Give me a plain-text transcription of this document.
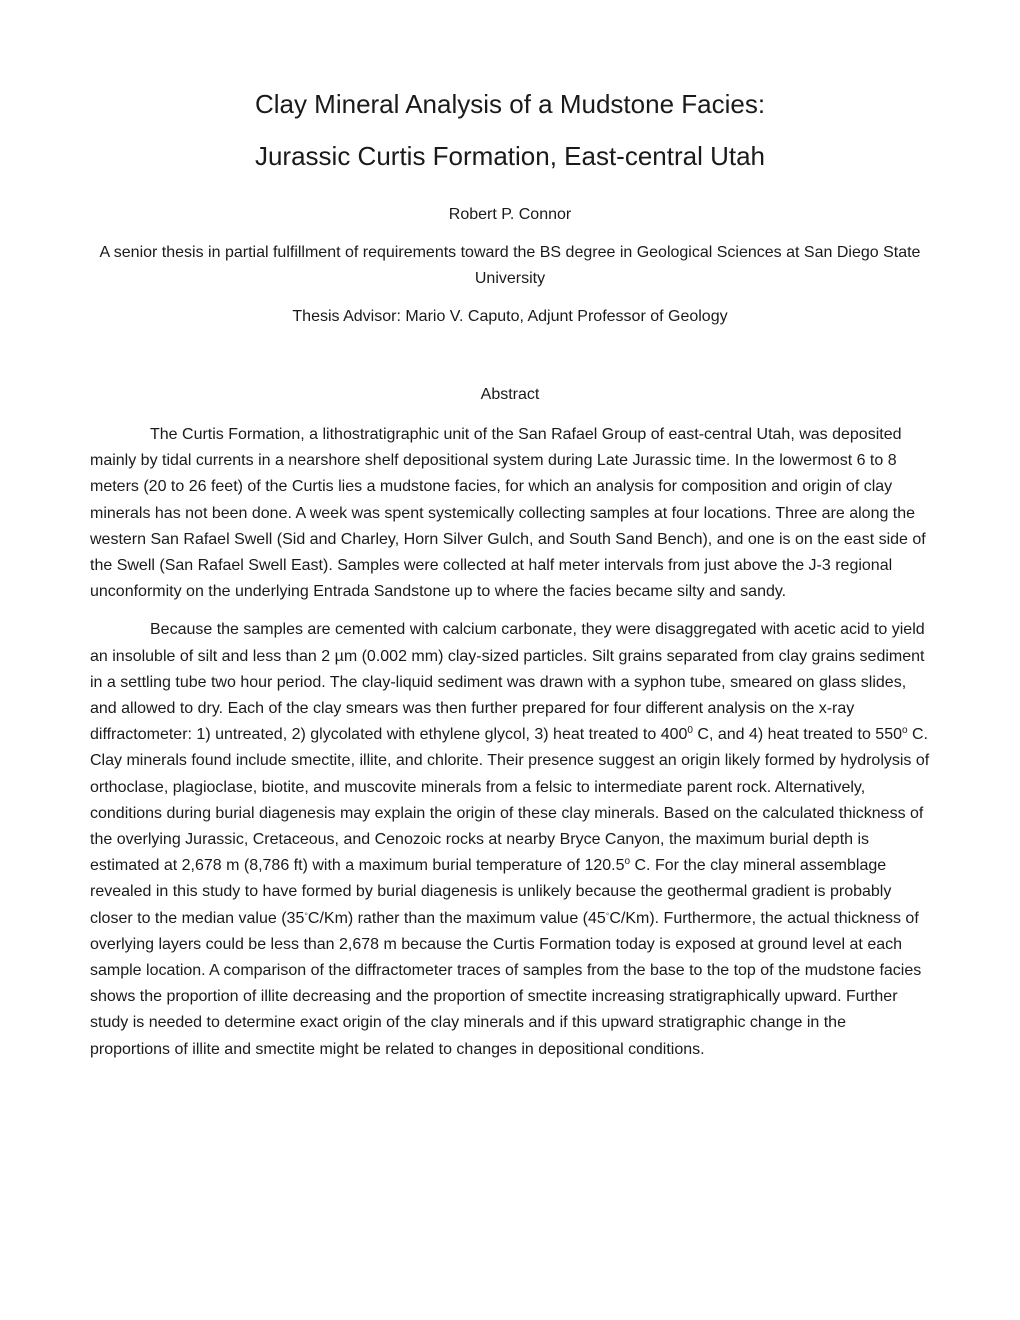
Clay Mineral Analysis of a Mudstone Facies:
Jurassic Curtis Formation, East-central Utah
Robert P. Connor
A senior thesis in partial fulfillment of requirements toward the BS degree in Geological Sciences at San Diego State University
Thesis Advisor: Mario V. Caputo, Adjunt Professor of Geology
Abstract

The Curtis Formation, a lithostratigraphic unit of the San Rafael Group of east-central Utah, was deposited mainly by tidal currents in a nearshore shelf depositional system during Late Jurassic time. In the lowermost 6 to 8 meters (20 to 26 feet) of the Curtis lies a mudstone facies, for which an analysis for composition and origin of clay minerals has not been done. A week was spent systemically collecting samples at four locations. Three are along the western San Rafael Swell (Sid and Charley, Horn Silver Gulch, and South Sand Bench), and one is on the east side of the Swell (San Rafael Swell East). Samples were collected at half meter intervals from just above the J-3 regional unconformity on the underlying Entrada Sandstone up to where the facies became silty and sandy.

Because the samples are cemented with calcium carbonate, they were disaggregated with acetic acid to yield an insoluble of silt and less than 2 µm (0.002 mm) clay-sized particles. Silt grains separated from clay grains sediment in a settling tube two hour period. The clay-liquid sediment was drawn with a syphon tube, smeared on glass slides, and allowed to dry. Each of the clay smears was then further prepared for four different analysis on the x-ray diffractometer: 1) untreated, 2) glycolated with ethylene glycol, 3) heat treated to $400^0$ C, and 4) heat treated to 550$^o$ C. Clay minerals found include smectite, illite, and chlorite. Their presence suggest an origin likely formed by hydrolysis of orthoclase, plagioclase, biotite, and muscovite minerals from a felsic to intermediate parent rock. Alternatively, conditions during burial diagenesis may explain the origin of these clay minerals. Based on the calculated thickness of the overlying Jurassic, Cretaceous, and Cenozoic rocks at nearby Bryce Canyon, the maximum burial depth is estimated at 2,678 m (8,786 ft) with a maximum burial temperature of 120.5$^o$ C. For the clay mineral assemblage revealed in this study to have formed by burial diagenesis is unlikely because the geothermal gradient is probably closer to the median value (35◦C/Km) rather than the maximum value (45◦C/Km). Furthermore, the actual thickness of overlying layers could be less than 2,678 m because the Curtis Formation today is exposed at ground level at each sample location. A comparison of the diffractometer traces of samples from the base to the top of the mudstone facies shows the proportion of illite decreasing and the proportion of smectite increasing stratigraphically upward. Further study is needed to determine exact origin of the clay minerals and if this upward stratigraphic change in the proportions of illite and smectite might be related to changes in depositional conditions.
